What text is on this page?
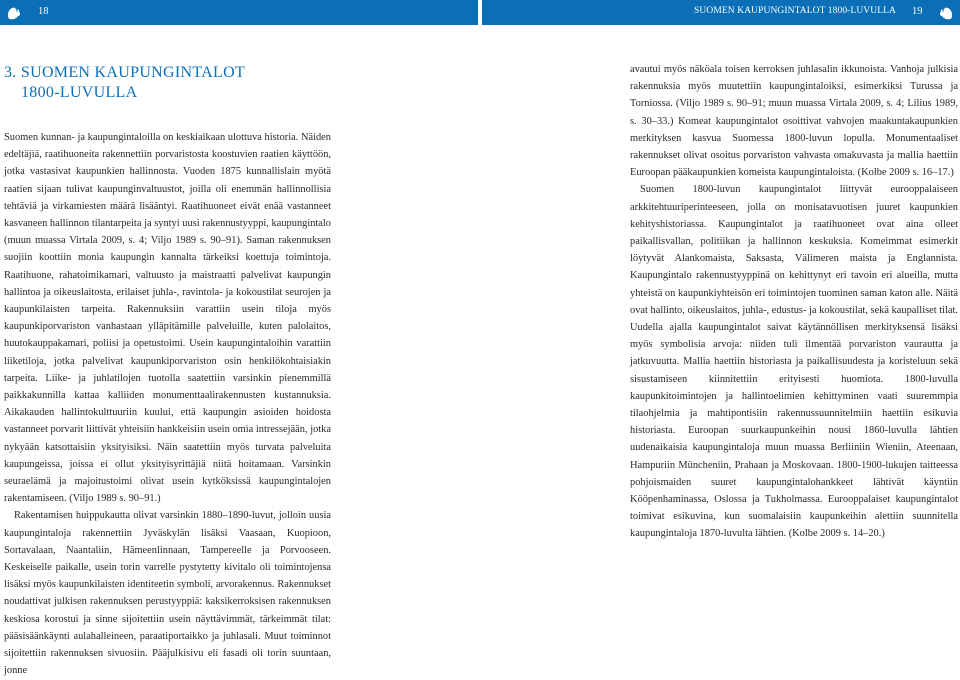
18	SUOMEN KAUPUNGINTALOT 1800-LUVULLA 19
3. SUOMEN KAUPUNGINTALOT
1800-LUVULLA

Suomen kunnan- ja kaupungintaloilla on keskiaikaan ulottuva historia. Näiden edeltäjiä, raatihuoneita rakennettiin porvaristosta koostuvien raatien käyttöön, jotka vastasivat kaupunkien hallinnosta. Vuoden 1875 kunnallislain myötä raatien sijaan tulivat kaupunginvaltuustot, joilla oli enemmän hallinnollisia tehtäviä ja virkamiesten määrä lisääntyi. Raatihuoneet eivät enää vastanneet kasvaneen hallinnon tilantarpeita ja syntyi uusi rakennustyyppi, kaupungintalo (muun muassa Virtala 2009, s. 4; Viljo 1989 s. 90–91). Saman rakennuksen suojiin koottiin monia kaupungin kannalta tärkeiksi koettuja toimintoja. Raatihuone, rahatoimikamari, valtuusto ja maistraatti palvelivat kaupungin hallintoa ja oikeuslaitosta, erilaiset juhla-, ravintola- ja kokoustilat seurojen ja kaupunkilaisten tarpeita. Rakennuksiin varattiin usein tiloja myös kaupunkiporvariston vanhastaan ylläpitämille palveluille, kuten palolaitos, huutokauppakamari, poliisi ja opetustoimi. Usein kaupungintaloihin varattiin liiketiloja, jotka palvelivat kaupunkiporvariston osin henkilökohtaisiakin tarpeita. Liike- ja juhlatilojen tuotolla saatettiin varsinkin pienemmillä paikkakunnilla kattaa kalliiden monumenttaalirakennusten kustannuksia. Aikakauden hallintokulttuuriin kuului, että kaupungin asioiden hoidosta vastanneet porvarit liittivät yhteisiin hankkeisiin usein omia intressejään, jotka nykyään katsottaisiin yksityisiksi. Näin saatettiin myös turvata palveluita kaupungeissa, joissa ei ollut yksityisyrittäjiä niitä hoitamaan. Varsinkin seuraelämä ja majoitustoimi olivat usein kytköksissä kaupungintalojen rakentamiseen. (Viljo 1989 s. 90–91.)

Rakentamisen huippukautta olivat varsinkin 1880–1890-luvut, jolloin uusia kaupungintaloja rakennettiin Jyväskylän lisäksi Vaasaan, Kuopioon, Sortavalaan, Naantaliin, Hämeenlinnaan, Tampereelle ja Porvooseen. Keskeiselle paikalle, usein torin varrelle pystytetty kivitalo oli toimintojensa lisäksi myös kaupunkilaisten identiteetin symboli, arvorakennus. Rakennukset noudattivat julkisen rakennuksen perustyyppiä: kaksikerroksisen rakennuksen keskiosa korostui ja sinne sijoitettiin usein näyttävimmät, tärkeimmät tilat: pääsisäänkäynti aulahalleineen, paraatiportaikko ja juhlasali. Muut toiminnot sijoitettiin rakennuksen sivuosiin. Pääjulkisivu eli fasadi oli torin suuntaan, jonne

avautui myös näköala toisen kerroksen juhlasalin ikkunoista. Vanhoja julkisia rakennuksia myös muutettiin kaupungintaloiksi, esimerkiksi Turussa ja Torniossa. (Viljo 1989 s. 90–91; muun muassa Virtala 2009, s. 4; Lilius 1989, s. 30–33.) Komeat kaupungintalot osoittivat vahvojen maakuntakaupunkien merkityksen kasvua Suomessa 1800-luvun lopulla. Monumentaaliset rakennukset olivat osoitus porvariston vahvasta omakuvasta ja mallia haettiin Euroopan pääkaupunkien komeista kaupungintaloista. (Kolbe 2009 s. 16–17.)

Suomen 1800-luvun kaupungintalot liittyvät eurooppalaiseen arkkitehtuuriperinteeseen, jolla on monisatavuotisen juuret kaupunkien kehityshistoriassa. Kaupungintalot ja raatihuoneet ovat aina olleet paikallisvallan, politiikan ja hallinnon keskuksia. Komeimmat esimerkit löytyvät Alankomaista, Saksasta, Välimeren maista ja Englannista. Kaupungintalo rakennustyyppinä on kehittynyt eri tavoin eri alueilla, mutta yhteistä on kaupunkiyhteisön eri toimintojen tuominen saman katon alle. Näitä ovat hallinto, oikeuslaitos, juhla-, edustus- ja kokoustilat, sekä kaupalliset tilat. Uudella ajalla kaupungintalot saivat käytännöllisen merkityksensä lisäksi myös symbolisia arvoja: niiden tuli ilmentää porvariston vaurautta ja jatkuvuutta. Mallia haettiin historiasta ja paikallisuudesta ja koristeluun sekä sisustamiseen kiinnitettiin erityisesti huomiota. 1800-luvulla kaupunkitoimintojen ja hallintoelimien kehittyminen vaati suuremmpia tilaohjelmia ja mahtipontisiin rakennussuunnitelmiin haettiin esikuvia historiasta. Euroopan suurkaupunkeihin nousi 1860-luvulla lähtien uudenaikaisia kaupungintaloja muun muassa Berliiniin Wieniin, Ateenaan, Hampuriin Müncheniin, Prahaan ja Moskovaan. 1800-1900-lukujen taitteessa pohjoismaiden suuret kaupungintalohankkeet lähtivät käyntiin Kööpenhaminassa, Oslossa ja Tukholmassa. Eurooppalaiset kaupungintalot toimivat esikuvina, kun suomalaisiin kaupunkeihin alettiin suunnitella kaupungintaloja 1870-luvulta lähtien. (Kolbe 2009 s. 14–20.)
